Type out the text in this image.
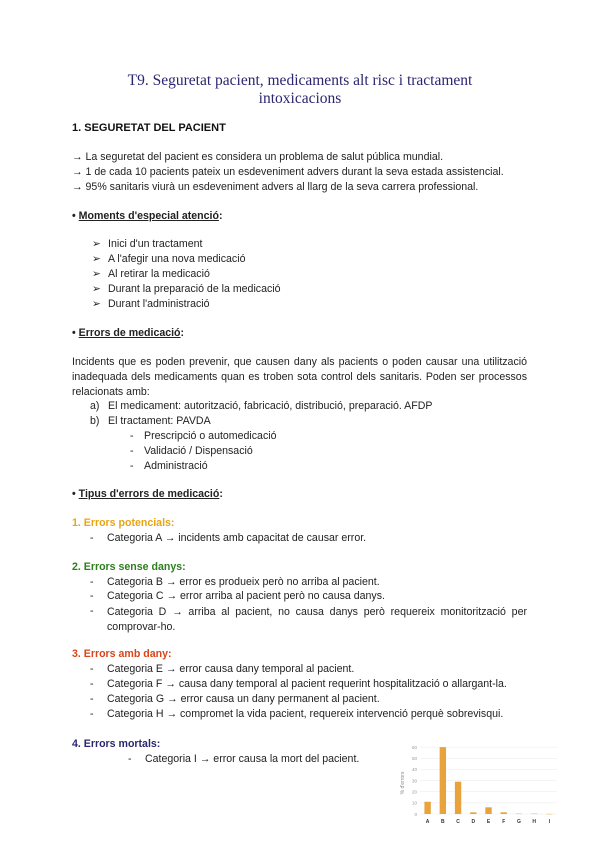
T9. Seguretat pacient, medicaments alt risc i tractament
intoxicacions
1. SEGURETAT DEL PACIENT
→ La seguretat del pacient es considera un problema de salut pública mundial.
→ 1 de cada 10 pacients pateix un esdeveniment advers durant la seva estada assistencial.
→ 95% sanitaris viurà un esdeveniment advers al llarg de la seva carrera professional.
• Moments d'especial atenció:
➢ Inici d'un tractament
➢ A l'afegir una nova medicació
➢ Al retirar la medicació
➢ Durant la preparació de la medicació
➢ Durant l'administració
• Errors de medicació:
Incidents que es poden prevenir, que causen dany als pacients o poden causar una utilització inadequada dels medicaments quan es troben sota control dels sanitaris. Poden ser processos relacionats amb:
a) El medicament: autorització, fabricació, distribució, preparació. AFDP
b) El tractament: PAVDA
- Prescripció o automedicació
- Validació / Dispensació
- Administració
• Tipus d'errors de medicació:
1. Errors potencials:
- Categoria A → incidents amb capacitat de causar error.
2. Errors sense danys:
- Categoria B → error es produeix però no arriba al pacient.
- Categoria C → error arriba al pacient però no causa danys.
- Categoria D → arriba al pacient, no causa danys però requereix monitorització per comprovar-ho.
3. Errors amb dany:
- Categoria E → error causa dany temporal al pacient.
- Categoria F → causa dany temporal al pacient requerint hospitalització o allargant-la.
- Categoria G → error causa un dany permanent al pacient.
- Categoria H → compromet la vida pacient, requereix intervenció perquè sobrevisqui.
4. Errors mortals:
- Categoria I → error causa la mort del pacient.
A B C D E F G H	I
0
10
20
30
40
50
60
% d'errors
